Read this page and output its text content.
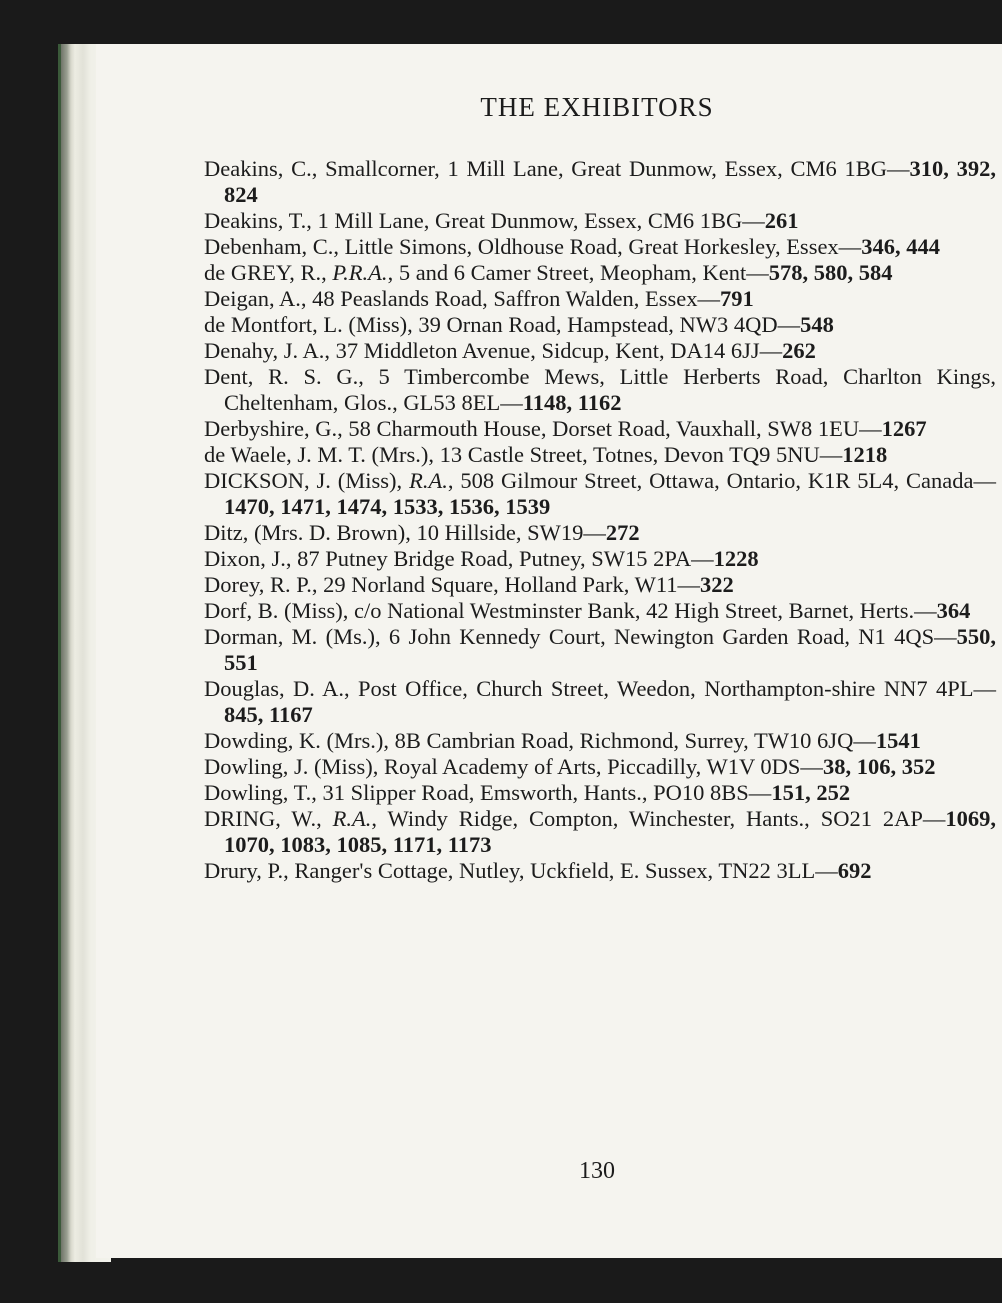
THE EXHIBITORS
Deakins, C., Smallcorner, 1 Mill Lane, Great Dunmow, Essex, CM6 1BG—310, 392, 824
Deakins, T., 1 Mill Lane, Great Dunmow, Essex, CM6 1BG—261
Debenham, C., Little Simons, Oldhouse Road, Great Horkesley, Essex—346, 444
de GREY, R., P.R.A., 5 and 6 Camer Street, Meopham, Kent—578, 580, 584
Deigan, A., 48 Peaslands Road, Saffron Walden, Essex—791
de Montfort, L. (Miss), 39 Ornan Road, Hampstead, NW3 4QD—548
Denahy, J. A., 37 Middleton Avenue, Sidcup, Kent, DA14 6JJ—262
Dent, R. S. G., 5 Timbercombe Mews, Little Herberts Road, Charlton Kings, Cheltenham, Glos., GL53 8EL—1148, 1162
Derbyshire, G., 58 Charmouth House, Dorset Road, Vauxhall, SW8 1EU—1267
de Waele, J. M. T. (Mrs.), 13 Castle Street, Totnes, Devon TQ9 5NU—1218
DICKSON, J. (Miss), R.A., 508 Gilmour Street, Ottawa, Ontario, K1R 5L4, Canada—1470, 1471, 1474, 1533, 1536, 1539
Ditz, (Mrs. D. Brown), 10 Hillside, SW19—272
Dixon, J., 87 Putney Bridge Road, Putney, SW15 2PA—1228
Dorey, R. P., 29 Norland Square, Holland Park, W11—322
Dorf, B. (Miss), c/o National Westminster Bank, 42 High Street, Barnet, Herts.—364
Dorman, M. (Ms.), 6 John Kennedy Court, Newington Garden Road, N1 4QS—550, 551
Douglas, D. A., Post Office, Church Street, Weedon, Northampton-shire NN7 4PL—845, 1167
Dowding, K. (Mrs.), 8B Cambrian Road, Richmond, Surrey, TW10 6JQ—1541
Dowling, J. (Miss), Royal Academy of Arts, Piccadilly, W1V 0DS—38, 106, 352
Dowling, T., 31 Slipper Road, Emsworth, Hants., PO10 8BS—151, 252
DRING, W., R.A., Windy Ridge, Compton, Winchester, Hants., SO21 2AP—1069, 1070, 1083, 1085, 1171, 1173
Drury, P., Ranger's Cottage, Nutley, Uckfield, E. Sussex, TN22 3LL—692
130
